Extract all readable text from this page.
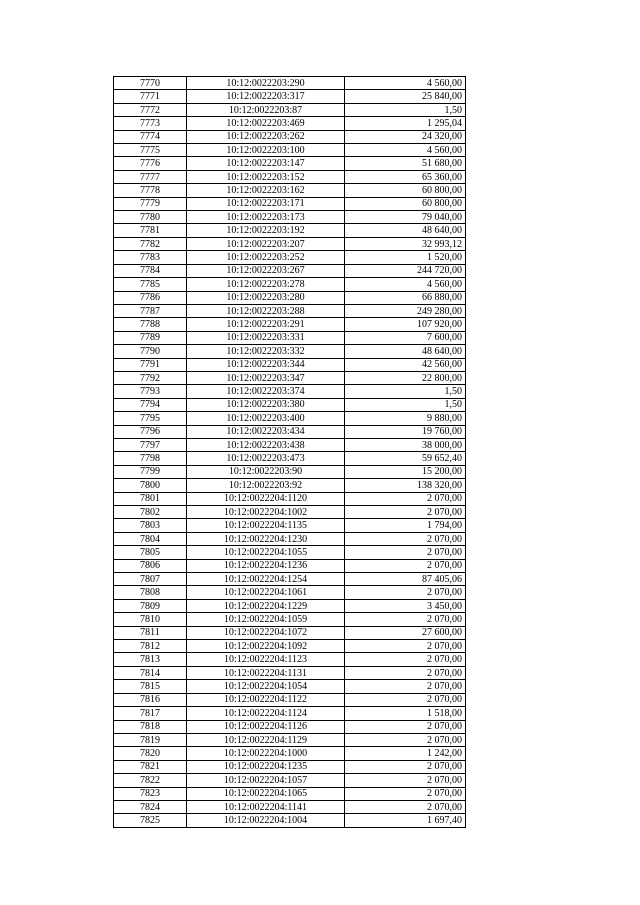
7770	10:12:0022203:290	4 560,00
7771	10:12:0022203:317	25 840,00
7772	10:12:0022203:87	1,50
7773	10:12:0022203:469	1 295,04
7774	10:12:0022203:262	24 320,00
7775	10:12:0022203:100	4 560,00
7776	10:12:0022203:147	51 680,00
7777	10:12:0022203:152	65 360,00
7778	10:12:0022203:162	60 800,00
7779	10:12:0022203:171	60 800,00
7780	10:12:0022203:173	79 040,00
7781	10:12:0022203:192	48 640,00
7782	10:12:0022203:207	32 993,12
7783	10:12:0022203:252	1 520,00
7784	10:12:0022203:267	244 720,00
7785	10:12:0022203:278	4 560,00
7786	10:12:0022203:280	66 880,00
7787	10:12:0022203:288	249 280,00
7788	10:12:0022203:291	107 920,00
7789	10:12:0022203:331	7 600,00
7790	10:12:0022203:332	48 640,00
7791	10:12:0022203:344	42 560,00
7792	10:12:0022203:347	22 800,00
7793	10:12:0022203:374	1,50
7794	10:12:0022203:380	1,50
7795	10:12:0022203:400	9 880,00
7796	10:12:0022203:434	19 760,00
7797	10:12:0022203:438	38 000,00
7798	10:12:0022203:473	59 652,40
7799	10:12:0022203:90	15 200,00
7800	10:12:0022203:92	138 320,00
7801	10:12:0022204:1120	2 070,00
7802	10:12:0022204:1002	2 070,00
7803	10:12:0022204:1135	1 794,00
7804	10:12:0022204:1230	2 070,00
7805	10:12:0022204:1055	2 070,00
7806	10:12:0022204:1236	2 070,00
7807	10:12:0022204:1254	87 405,06
7808	10:12:0022204:1061	2 070,00
7809	10:12:0022204:1229	3 450,00
7810	10:12:0022204:1059	2 070,00
7811	10:12:0022204:1072	27 600,00
7812	10:12:0022204:1092	2 070,00
7813	10:12:0022204:1123	2 070,00
7814	10:12:0022204:1131	2 070,00
7815	10:12:0022204:1054	2 070,00
7816	10:12:0022204:1122	2 070,00
7817	10:12:0022204:1124	1 518,00
7818	10:12:0022204:1126	2 070,00
7819	10:12:0022204:1129	2 070,00
7820	10:12:0022204:1000	1 242,00
7821	10:12:0022204:1235	2 070,00
7822	10:12:0022204:1057	2 070,00
7823	10:12:0022204:1065	2 070,00
7824	10:12:0022204:1141	2 070,00
7825	10:12:0022204:1004	1 697,40
